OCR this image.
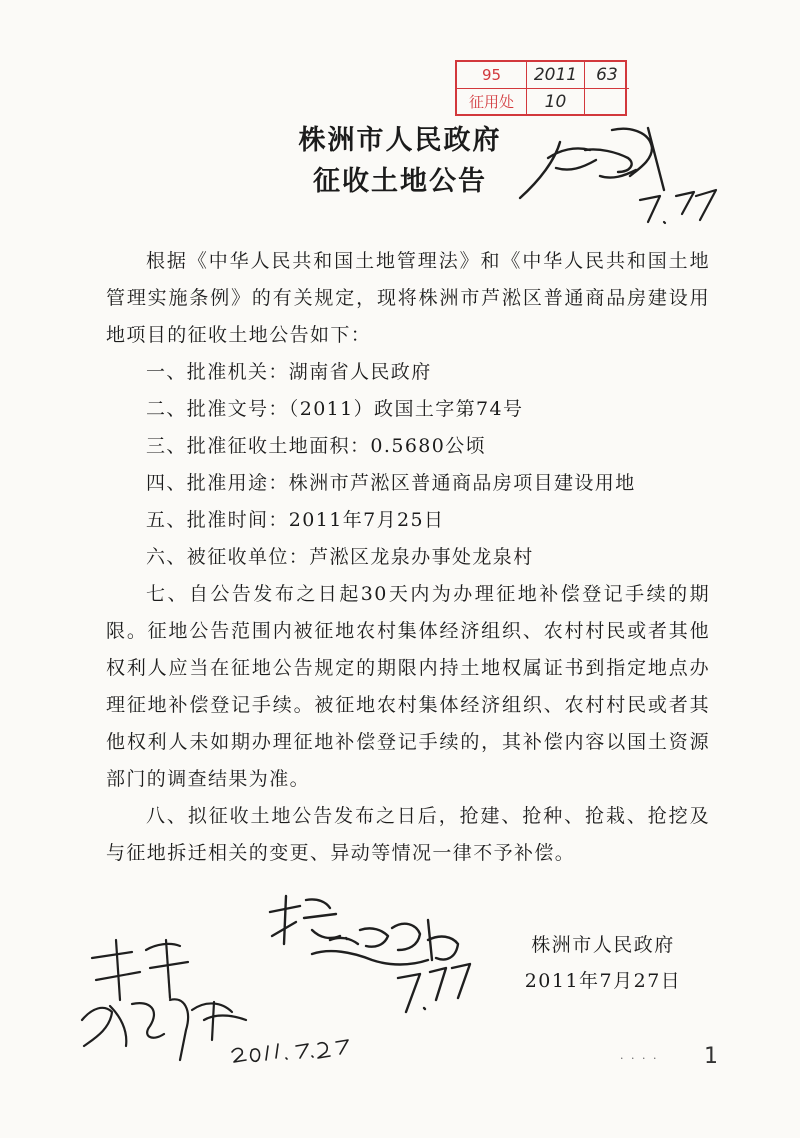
95	2011	63
征用处	10
株洲市人民政府
征收土地公告

根据《中华人民共和国土地管理法》和《中华人民共和国土地管理实施条例》的有关规定，现将株洲市芦淞区普通商品房建设用地项目的征收土地公告如下：

一、批准机关：湖南省人民政府

二、批准文号：（2011）政国土字第74号

三、批准征收土地面积：0.5680公顷

四、批准用途：株洲市芦淞区普通商品房项目建设用地

五、批准时间：2011年7月25日

六、被征收单位：芦淞区龙泉办事处龙泉村

七、自公告发布之日起30天内为办理征地补偿登记手续的期限。征地公告范围内被征地农村集体经济组织、农村村民或者其他权利人应当在征地公告规定的期限内持土地权属证书到指定地点办理征地补偿登记手续。被征地农村集体经济组织、农村村民或者其他权利人未如期办理征地补偿登记手续的，其补偿内容以国土资源部门的调查结果为准。

八、拟征收土地公告发布之日后，抢建、抢种、抢栽、抢挖及与征地拆迁相关的变更、异动等情况一律不予补偿。

株洲市人民政府
2011年7月27日
· · · · 1
